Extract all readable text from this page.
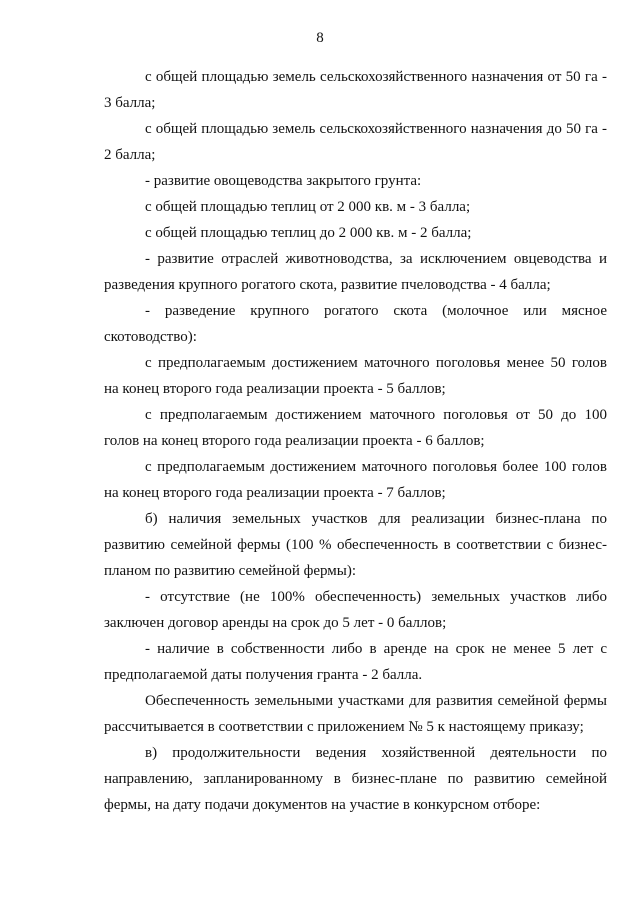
8

с общей площадью земель сельскохозяйственного назначения от 50 га - 3 балла;

с общей площадью земель сельскохозяйственного назначения до 50 га - 2 балла;

- развитие овощеводства закрытого грунта:

с общей площадью теплиц от 2 000 кв. м - 3 балла;

с общей площадью теплиц до 2 000 кв. м - 2 балла;

- развитие отраслей животноводства, за исключением овцеводства и разведения крупного рогатого скота, развитие пчеловодства - 4 балла;

- разведение крупного рогатого скота (молочное или мясное скотоводство):

с предполагаемым достижением маточного поголовья менее 50 голов на конец второго года реализации проекта - 5 баллов;

с предполагаемым достижением маточного поголовья от 50 до 100 голов на конец второго года реализации проекта - 6 баллов;

с предполагаемым достижением маточного поголовья более 100 голов на конец второго года реализации проекта - 7 баллов;

б) наличия земельных участков для реализации бизнес-плана по развитию семейной фермы (100 % обеспеченность в соответствии с бизнес-планом по развитию семейной фермы):

- отсутствие (не 100% обеспеченность) земельных участков либо заключен договор аренды на срок до 5 лет - 0 баллов;

- наличие в собственности либо в аренде на срок не менее 5 лет с предполагаемой даты получения гранта - 2 балла.

Обеспеченность земельными участками для развития семейной фермы рассчитывается в соответствии с приложением № 5 к настоящему приказу;

в) продолжительности ведения хозяйственной деятельности по направлению, запланированному в бизнес-плане по развитию семейной фермы, на дату подачи документов на участие в конкурсном отборе:
